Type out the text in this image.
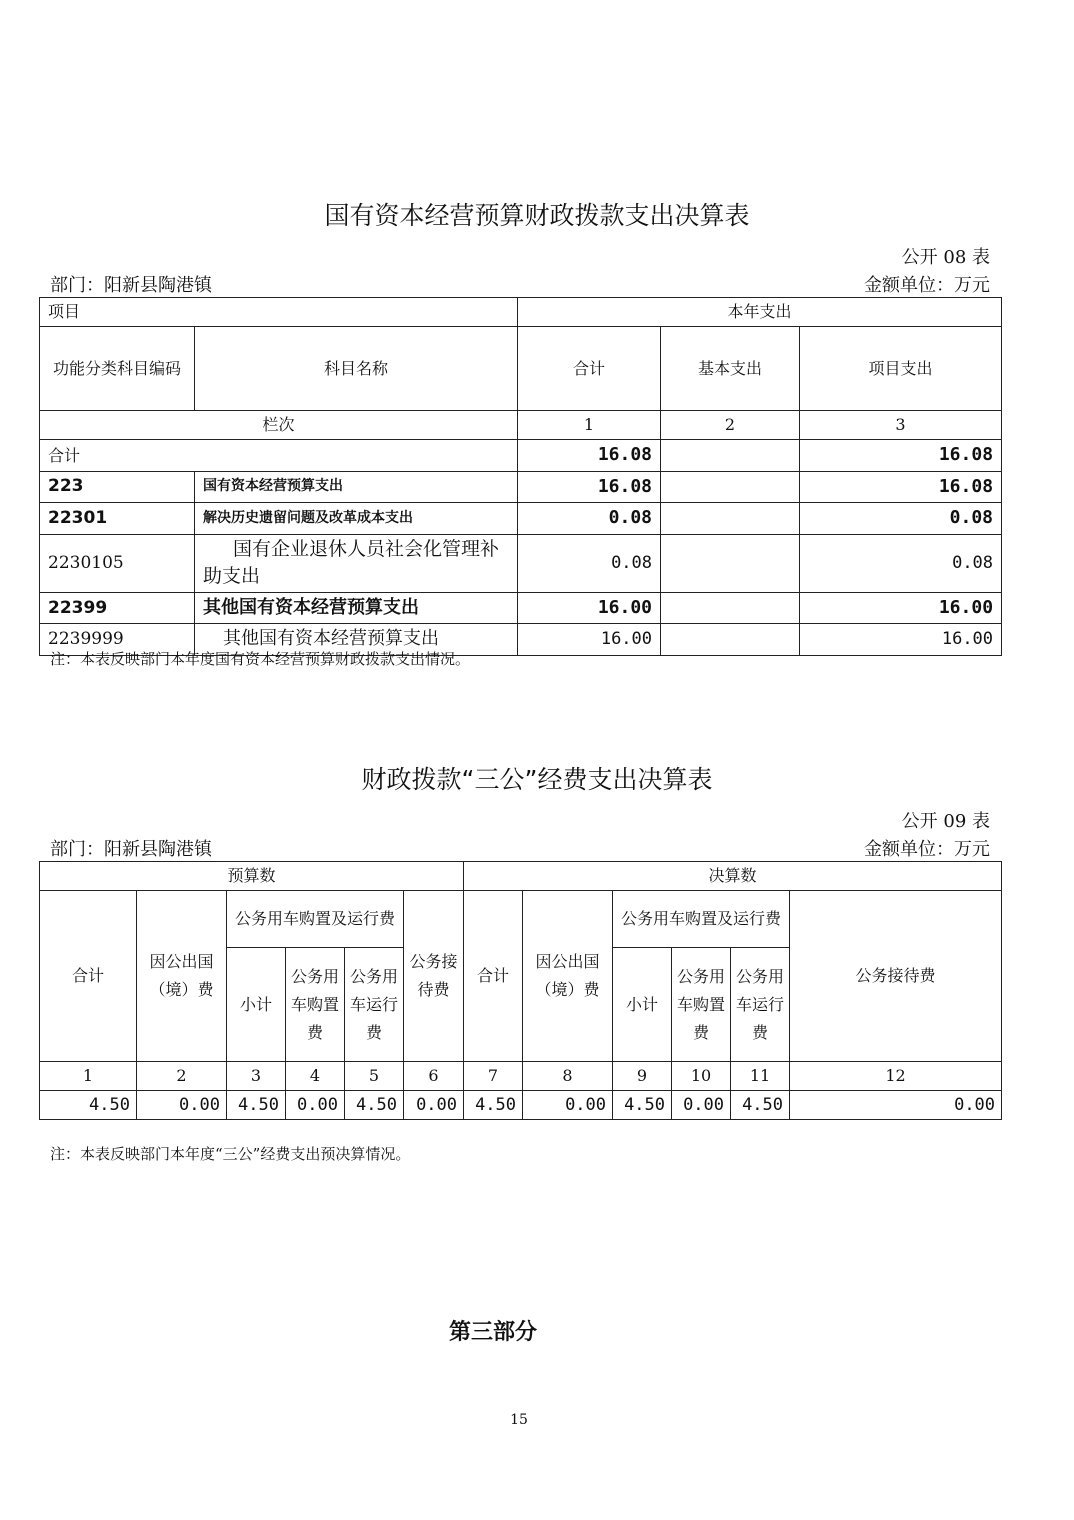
国有资本经营预算财政拨款支出决算表
公开 08 表
部门：阳新县陶港镇	金额单位：万元
项目		本年支出		
功能分类科目编码	科目名称	合计	基本支出	项目支出
栏次		1	2	3
合计		16.08		16.08
223	国有资本经营预算支出	16.08		16.08
22301	解决历史遗留问题及改革成本支出	0.08		0.08
2230105	国有企业退休人员社会化管理补助支出	0.08		0.08
22399	其他国有资本经营预算支出	16.00		16.00
2239999	其他国有资本经营预算支出	16.00		16.00
注：本表反映部门本年度国有资本经营预算财政拨款支出情况。
财政拨款“三公”经费支出决算表
公开 09 表
部门：阳新县陶港镇	金额单位：万元
预算数						决算数					
合计	因公出国（境）费	公务用车购置及运行费			公务接待费	合计	因公出国（境）费	公务用车购置及运行费			公务接待费
		小计	公务用车购置费	公务用车运行费				小计	公务用车购置费	公务用车运行费	
1	2	3	4	5	6	7	8	9	10	11	12
4.50	0.00	4.50	0.00	4.50	0.00	4.50	0.00	4.50	0.00	4.50	0.00
注：本表反映部门本年度“三公”经费支出预决算情况。
第三部分
15
